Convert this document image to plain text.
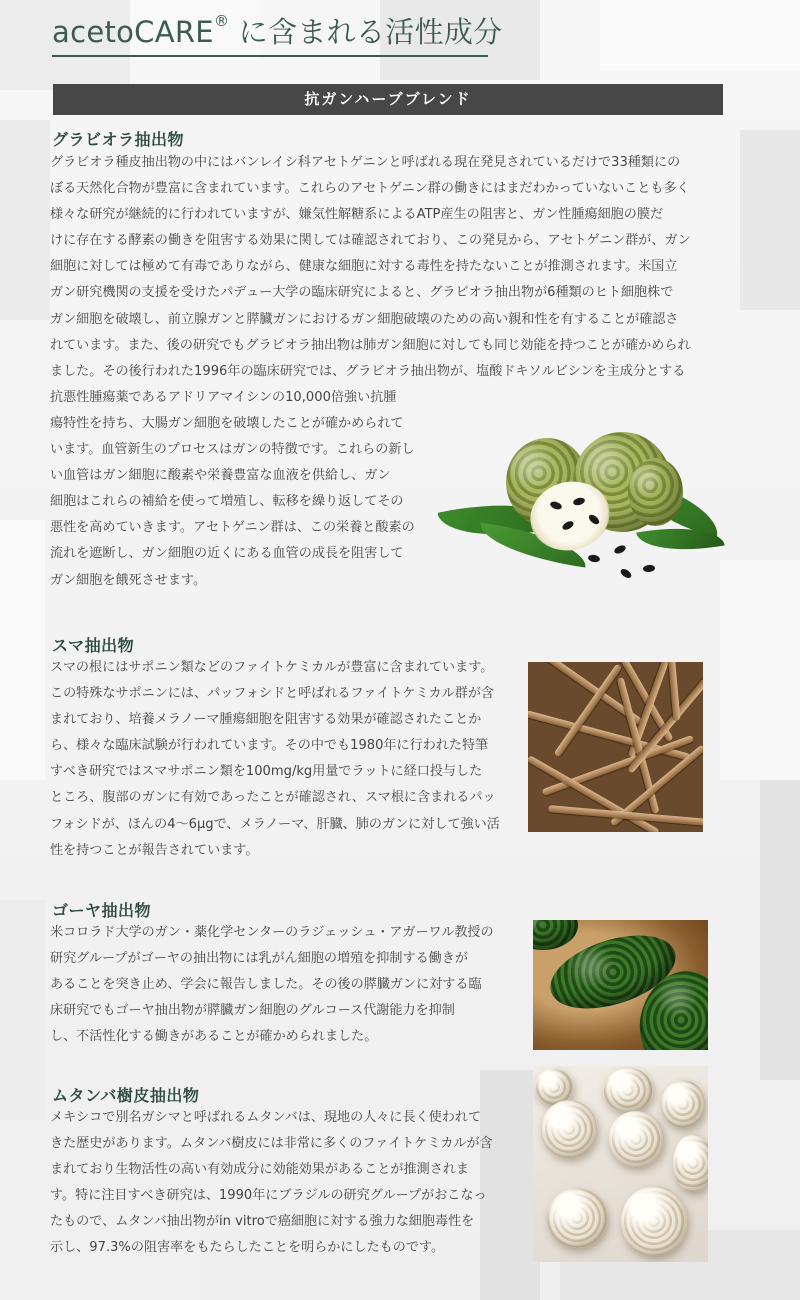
acetoCARE® に含まれる活性成分
抗ガンハーブブレンド
グラビオラ抽出物
グラビオラ種皮抽出物の中にはバンレイシ科アセトゲニンと呼ばれる現在発見されているだけで33種類にの
ぼる天然化合物が豊富に含まれています。これらのアセトゲニン群の働きにはまだわかっていないことも多く
様々な研究が継続的に行われていますが、嫌気性解糖系によるATP産生の阻害と、ガン性腫瘍細胞の膜だ
けに存在する酵素の働きを阻害する効果に関しては確認されており、この発見から、アセトゲニン群が、ガン
細胞に対しては極めて有毒でありながら、健康な細胞に対する毒性を持たないことが推測されます。米国立
ガン研究機関の支援を受けたパデュー大学の臨床研究によると、グラビオラ抽出物が6種類のヒト細胞株で
ガン細胞を破壊し、前立腺ガンと膵臓ガンにおけるガン細胞破壊のための高い親和性を有することが確認さ
れています。また、後の研究でもグラビオラ抽出物は肺ガン細胞に対しても同じ効能を持つことが確かめられ
ました。その後行われた1996年の臨床研究では、グラビオラ抽出物が、塩酸ドキソルビシンを主成分とする
抗悪性腫瘍薬であるアドリアマイシンの10,000倍強い抗腫
瘍特性を持ち、大腸ガン細胞を破壊したことが確かめられて
います。血管新生のプロセスはガンの特徴です。これらの新し
い血管はガン細胞に酸素や栄養豊富な血液を供給し、ガン
細胞はこれらの補給を使って増殖し、転移を繰り返してその
悪性を高めていきます。アセトゲニン群は、この栄養と酸素の
流れを遮断し、ガン細胞の近くにある血管の成長を阻害して
ガン細胞を餓死させます。
スマ抽出物
スマの根にはサポニン類などのファイトケミカルが豊富に含まれています。
この特殊なサポニンには、パッフォシドと呼ばれるファイトケミカル群が含
まれており、培養メラノーマ腫瘍細胞を阻害する効果が確認されたことか
ら、様々な臨床試験が行われています。その中でも1980年に行われた特筆
すべき研究ではスマサポニン類を100mg/kg用量でラットに経口投与した
ところ、腹部のガンに有効であったことが確認され、スマ根に含まれるパッ
フォシドが、ほんの4〜6μgで、メラノーマ、肝臓、肺のガンに対して強い活
性を持つことが報告されています。
ゴーヤ抽出物
米コロラド大学のガン・薬化学センターのラジェッシュ・アガーワル教授の
研究グループがゴーヤの抽出物には乳がん細胞の増殖を抑制する働きが
あることを突き止め、学会に報告しました。その後の膵臓ガンに対する臨
床研究でもゴーヤ抽出物が膵臓ガン細胞のグルコース代謝能力を抑制
し、不活性化する働きがあることが確かめられました。
ムタンバ樹皮抽出物
メキシコで別名ガシマと呼ばれるムタンバは、現地の人々に長く使われて
きた歴史があります。ムタンバ樹皮には非常に多くのファイトケミカルが含
まれており生物活性の高い有効成分に効能効果があることが推測されま
す。特に注目すべき研究は、1990年にブラジルの研究グループがおこなっ
たもので、ムタンバ抽出物がin vitroで癌細胞に対する強力な細胞毒性を
示し、97.3%の阻害率をもたらしたことを明らかにしたものです。
